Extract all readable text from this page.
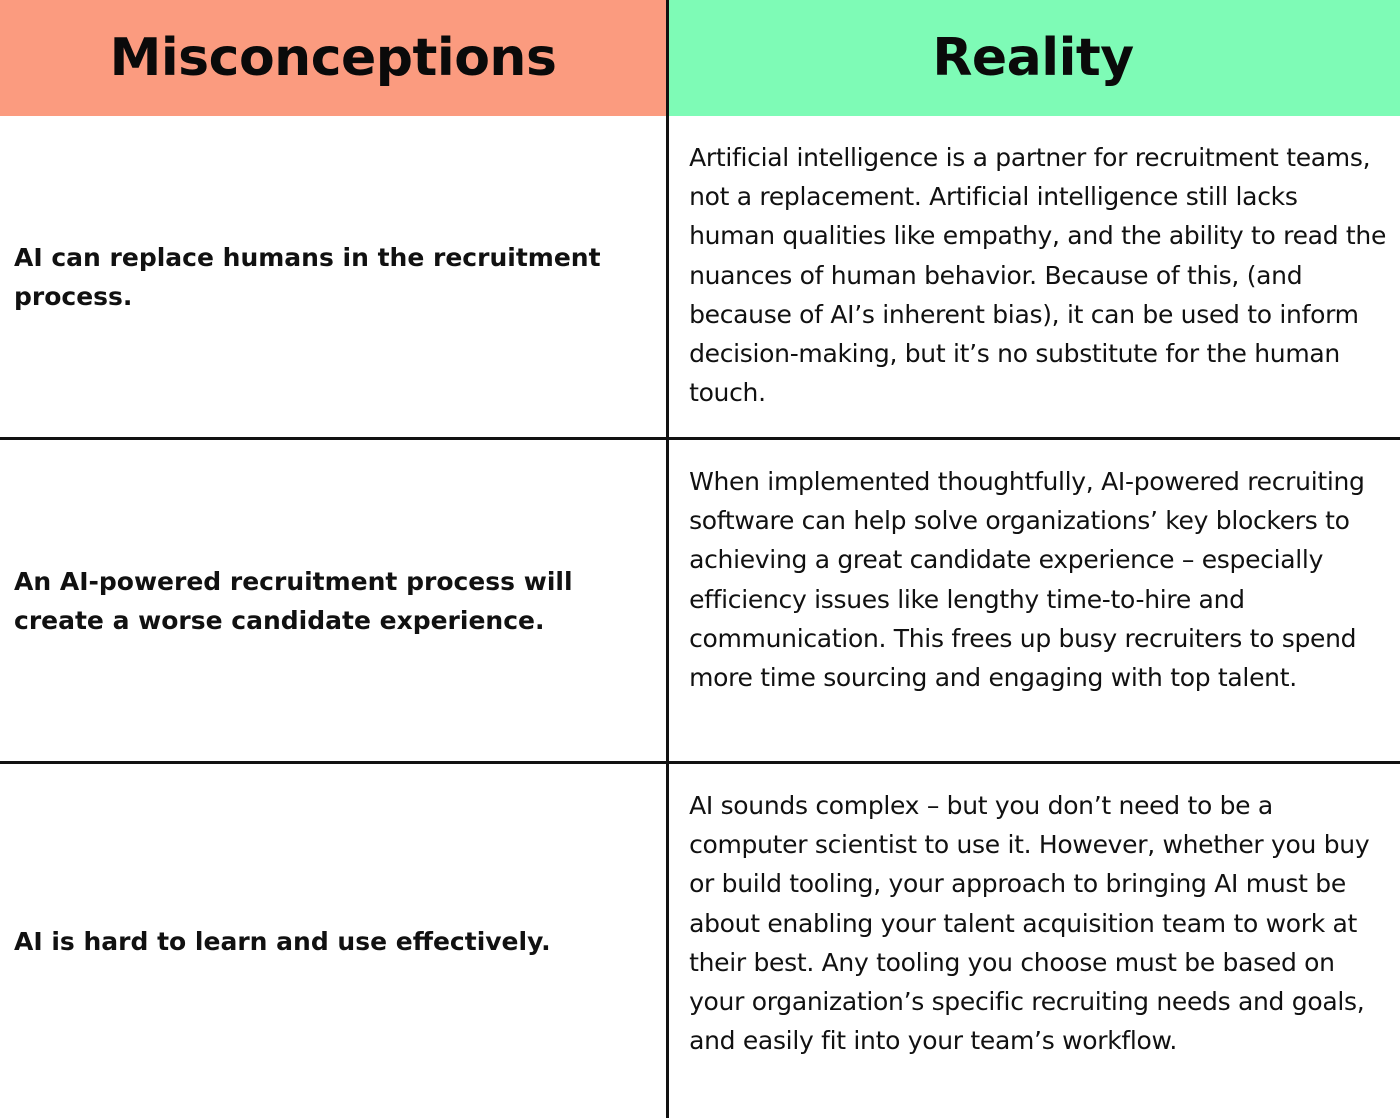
Misconceptions	Reality
AI can replace humans in the recruitment process.
Artificial intelligence is a partner for recruitment teams, not a replacement. Artificial intelligence still lacks human qualities like empathy, and the ability to read the nuances of human behavior. Because of this, (and because of AI’s inherent bias), it can be used to inform decision-making, but it’s no substitute for the human touch.
An AI-powered recruitment process will create a worse candidate experience.
When implemented thoughtfully, AI-powered recruiting software can help solve organizations’ key blockers to achieving a great candidate experience – especially efficiency issues like lengthy time-to-hire and communication. This frees up busy recruiters to spend more time sourcing and engaging with top talent.
AI is hard to learn and use effectively.
AI sounds complex – but you don’t need to be a computer scientist to use it. However, whether you buy or build tooling, your approach to bringing AI must be about enabling your talent acquisition team to work at their best. Any tooling you choose must be based on your organization’s specific recruiting needs and goals, and easily fit into your team’s workflow.
